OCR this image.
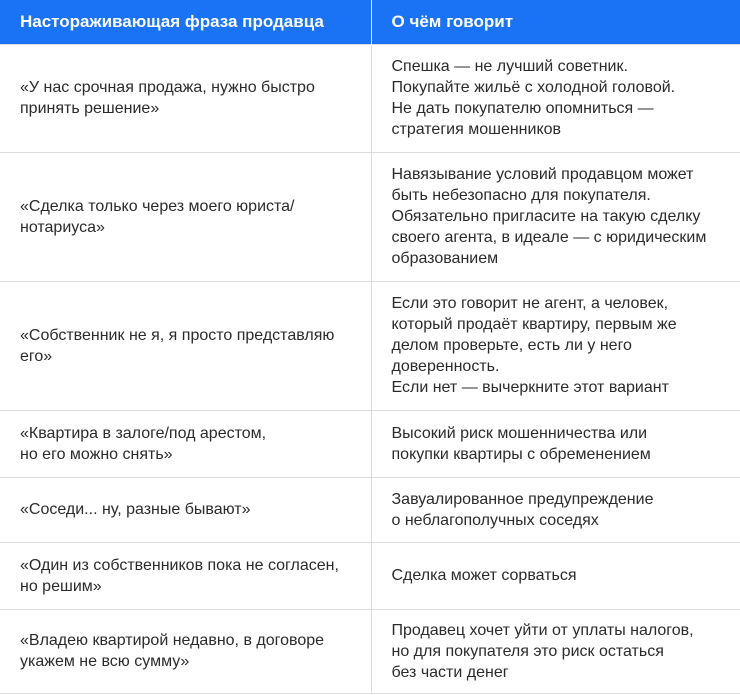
Настораживающая фраза продавца	О чём говорит

«У нас срочная продажа, нужно быстро
принять решение»	Спешка — не лучший советник.
Покупайте жильё с холодной головой.
Не дать покупателю опомниться —
стратегия мошенников

«Сделка только через моего юриста/
нотариуса»	Навязывание условий продавцом может
быть небезопасно для покупателя.
Обязательно пригласите на такую сделку
своего агента, в идеале — с юридическим
образованием

«Собственник не я, я просто представляю
его»	Если это говорит не агент, а человек,
который продаёт квартиру, первым же
делом проверьте, есть ли у него
доверенность.
Если нет — вычеркните этот вариант

«Квартира в залоге/под арестом,
но его можно снять»	Высокий риск мошенничества или
покупки квартиры с обременением

«Соседи... ну, разные бывают»	Завуалированное предупреждение
о неблагополучных соседях

«Один из собственников пока не согласен,
но решим»	Сделка может сорваться

«Владею квартирой недавно, в договоре
укажем не всю сумму»	Продавец хочет уйти от уплаты налогов,
но для покупателя это риск остаться
без части денег
